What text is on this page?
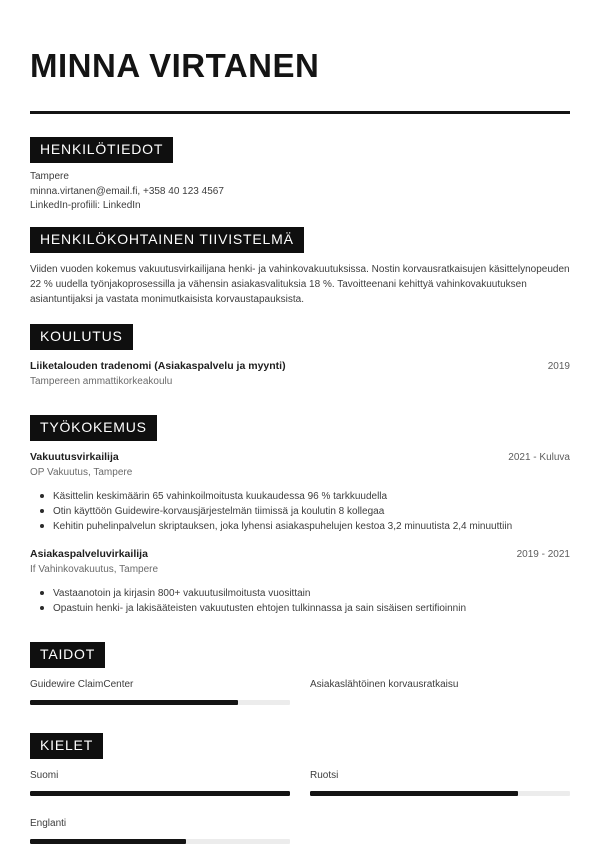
MINNA VIRTANEN
HENKILÖTIEDOT
Tampere
minna.virtanen@email.fi, +358 40 123 4567
LinkedIn-profiili: LinkedIn
HENKILÖKOHTAINEN TIIVISTELMÄ

Viiden vuoden kokemus vakuutusvirkailijana henki- ja vahinkovakuutuksissa. Nostin korvausratkaisujen käsittelynopeuden 22 % uudella työnjakoprosessilla ja vähensin asiakasvalituksia 18 %. Tavoitteenani kehittyä vahinkovakuutuksen asiantuntijaksi ja vastata monimutkaisista korvaustapauksista.

KOULUTUS
Liiketalouden tradenomi (Asiakaspalvelu ja myynti)	2019
Tampereen ammattikorkeakoulu
TYÖKOKEMUS
Vakuutusvirkailija	2021 - Kuluva
OP Vakuutus, Tampere
Käsittelin keskimäärin 65 vahinkoilmoitusta kuukaudessa 96 % tarkkuudella
Otin käyttöön Guidewire-korvausjärjestelmän tiimissä ja koulutin 8 kollegaa
Kehitin puhelinpalvelun skriptauksen, joka lyhensi asiakaspuhelujen kestoa 3,2 minuutista 2,4 minuuttiin
Asiakaspalveluvirkailija	2019 - 2021
If Vahinkovakuutus, Tampere
Vastaanotoin ja kirjasin 800+ vakuutusilmoitusta vuosittain
Opastuin henki- ja lakisääteisten vakuutusten ehtojen tulkinnassa ja sain sisäisen sertifioinnin
TAIDOT
Guidewire ClaimCenter	Asiakaslähtöinen korvausratkaisu
KIELET
Suomi	Ruotsi
Englanti
